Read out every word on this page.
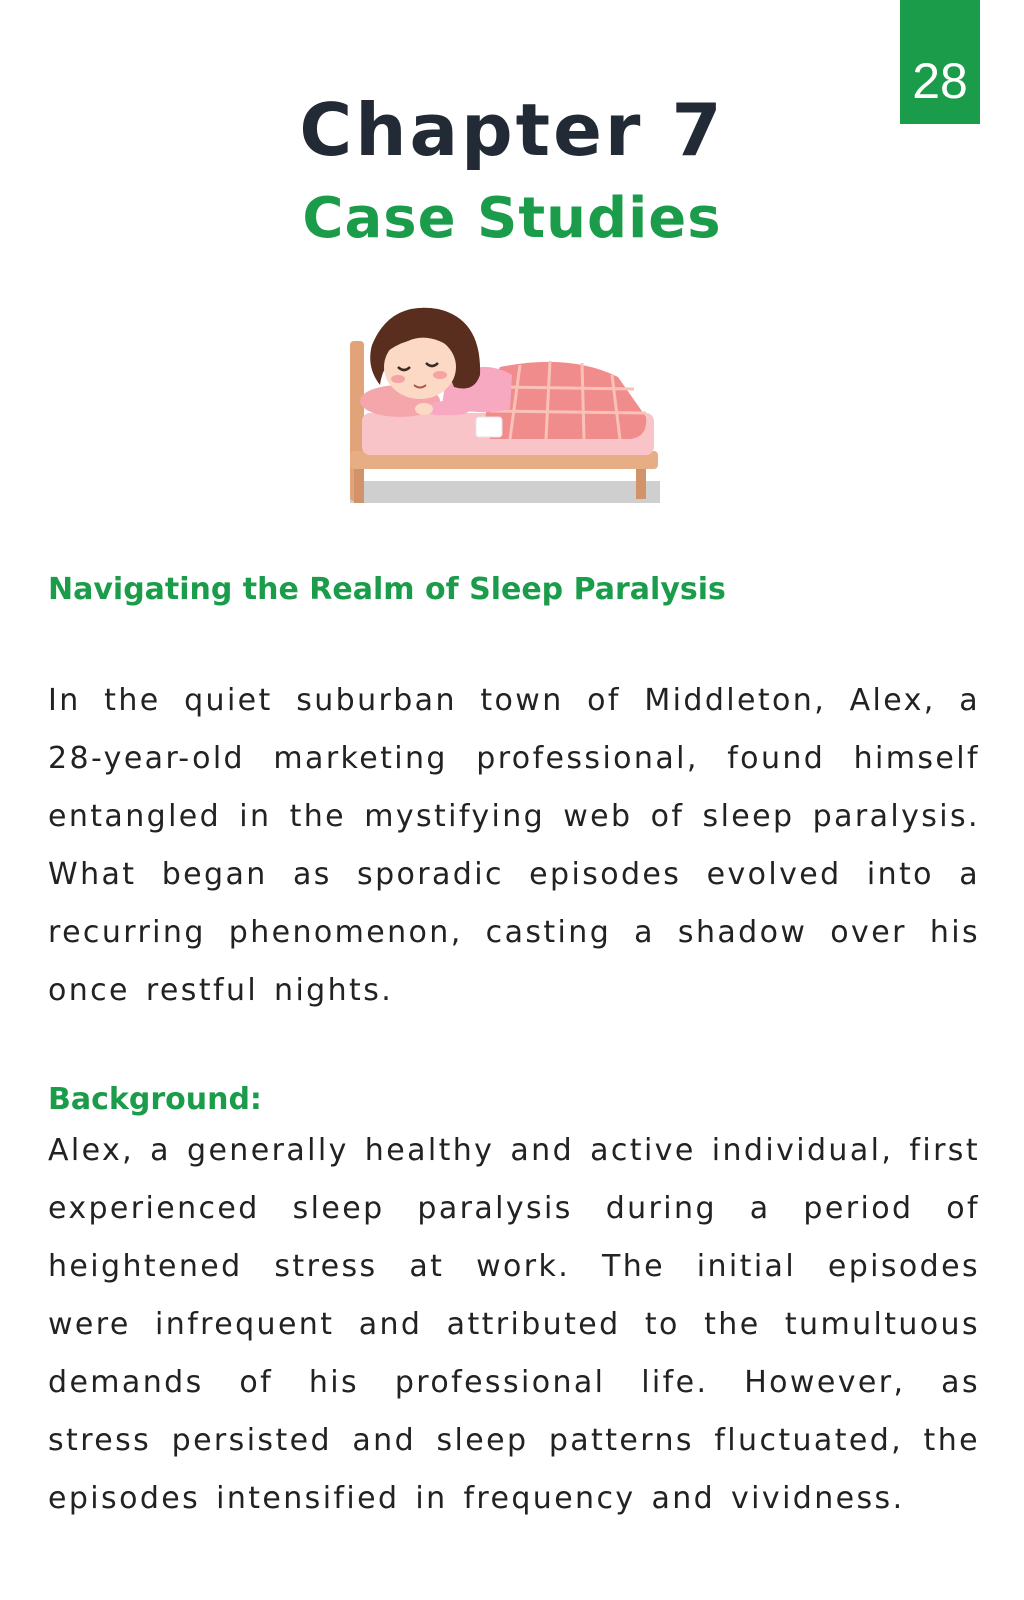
28
Chapter 7
Case Studies
Navigating the Realm of Sleep Paralysis

In the quiet suburban town of Middleton, Alex, a 28-year-old marketing professional, found himself entangled in the mystifying web of sleep paralysis. What began as sporadic episodes evolved into a recurring phenomenon, casting a shadow over his once restful nights.

Background:

Alex, a generally healthy and active individual, first experienced sleep paralysis during a period of heightened stress at work. The initial episodes were infrequent and attributed to the tumultuous demands of his professional life. However, as stress persisted and sleep patterns fluctuated, the episodes intensified in frequency and vividness.
